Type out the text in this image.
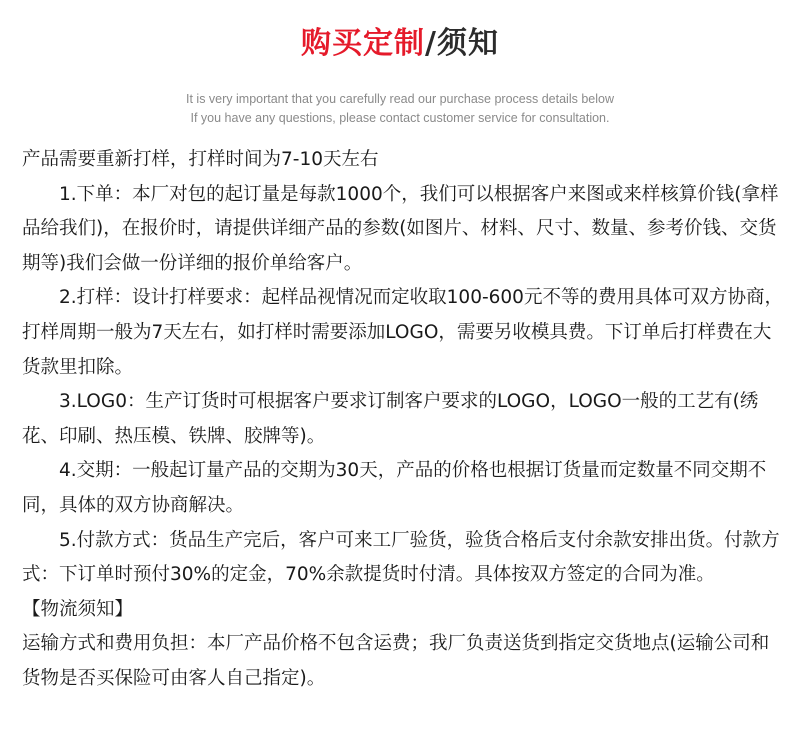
购买定制/须知
It is very important that you carefully read our purchase process details below
If you have any questions, please contact customer service for consultation.

产品需要重新打样，打样时间为7-10天左右

1.下单：本厂对包的起订量是每款1000个，我们可以根据客户来图或来样核算价钱(拿样品给我们)，在报价时，请提供详细产品的参数(如图片、材料、尺寸、数量、参考价钱、交货期等)我们会做一份详细的报价单给客户。

2.打样：设计打样要求：起样品视情况而定收取100-600元不等的费用具体可双方协商，打样周期一般为7天左右，如打样时需要添加LOGO，需要另收模具费。下订单后打样费在大货款里扣除。

3.LOG0：生产订货时可根据客户要求订制客户要求的LOGO，LOGO一般的工艺有(绣花、印刷、热压模、铁牌、胶牌等)。

4.交期：一般起订量产品的交期为30天，产品的价格也根据订货量而定数量不同交期不同，具体的双方协商解决。

5.付款方式：货品生产完后，客户可来工厂验货，验货合格后支付余款安排出货。付款方式：下订单时预付30%的定金，70%余款提货时付清。具体按双方签定的合同为准。

【物流须知】

运输方式和费用负担：本厂产品价格不包含运费；我厂负责送货到指定交货地点(运输公司和货物是否买保险可由客人自己指定)。
